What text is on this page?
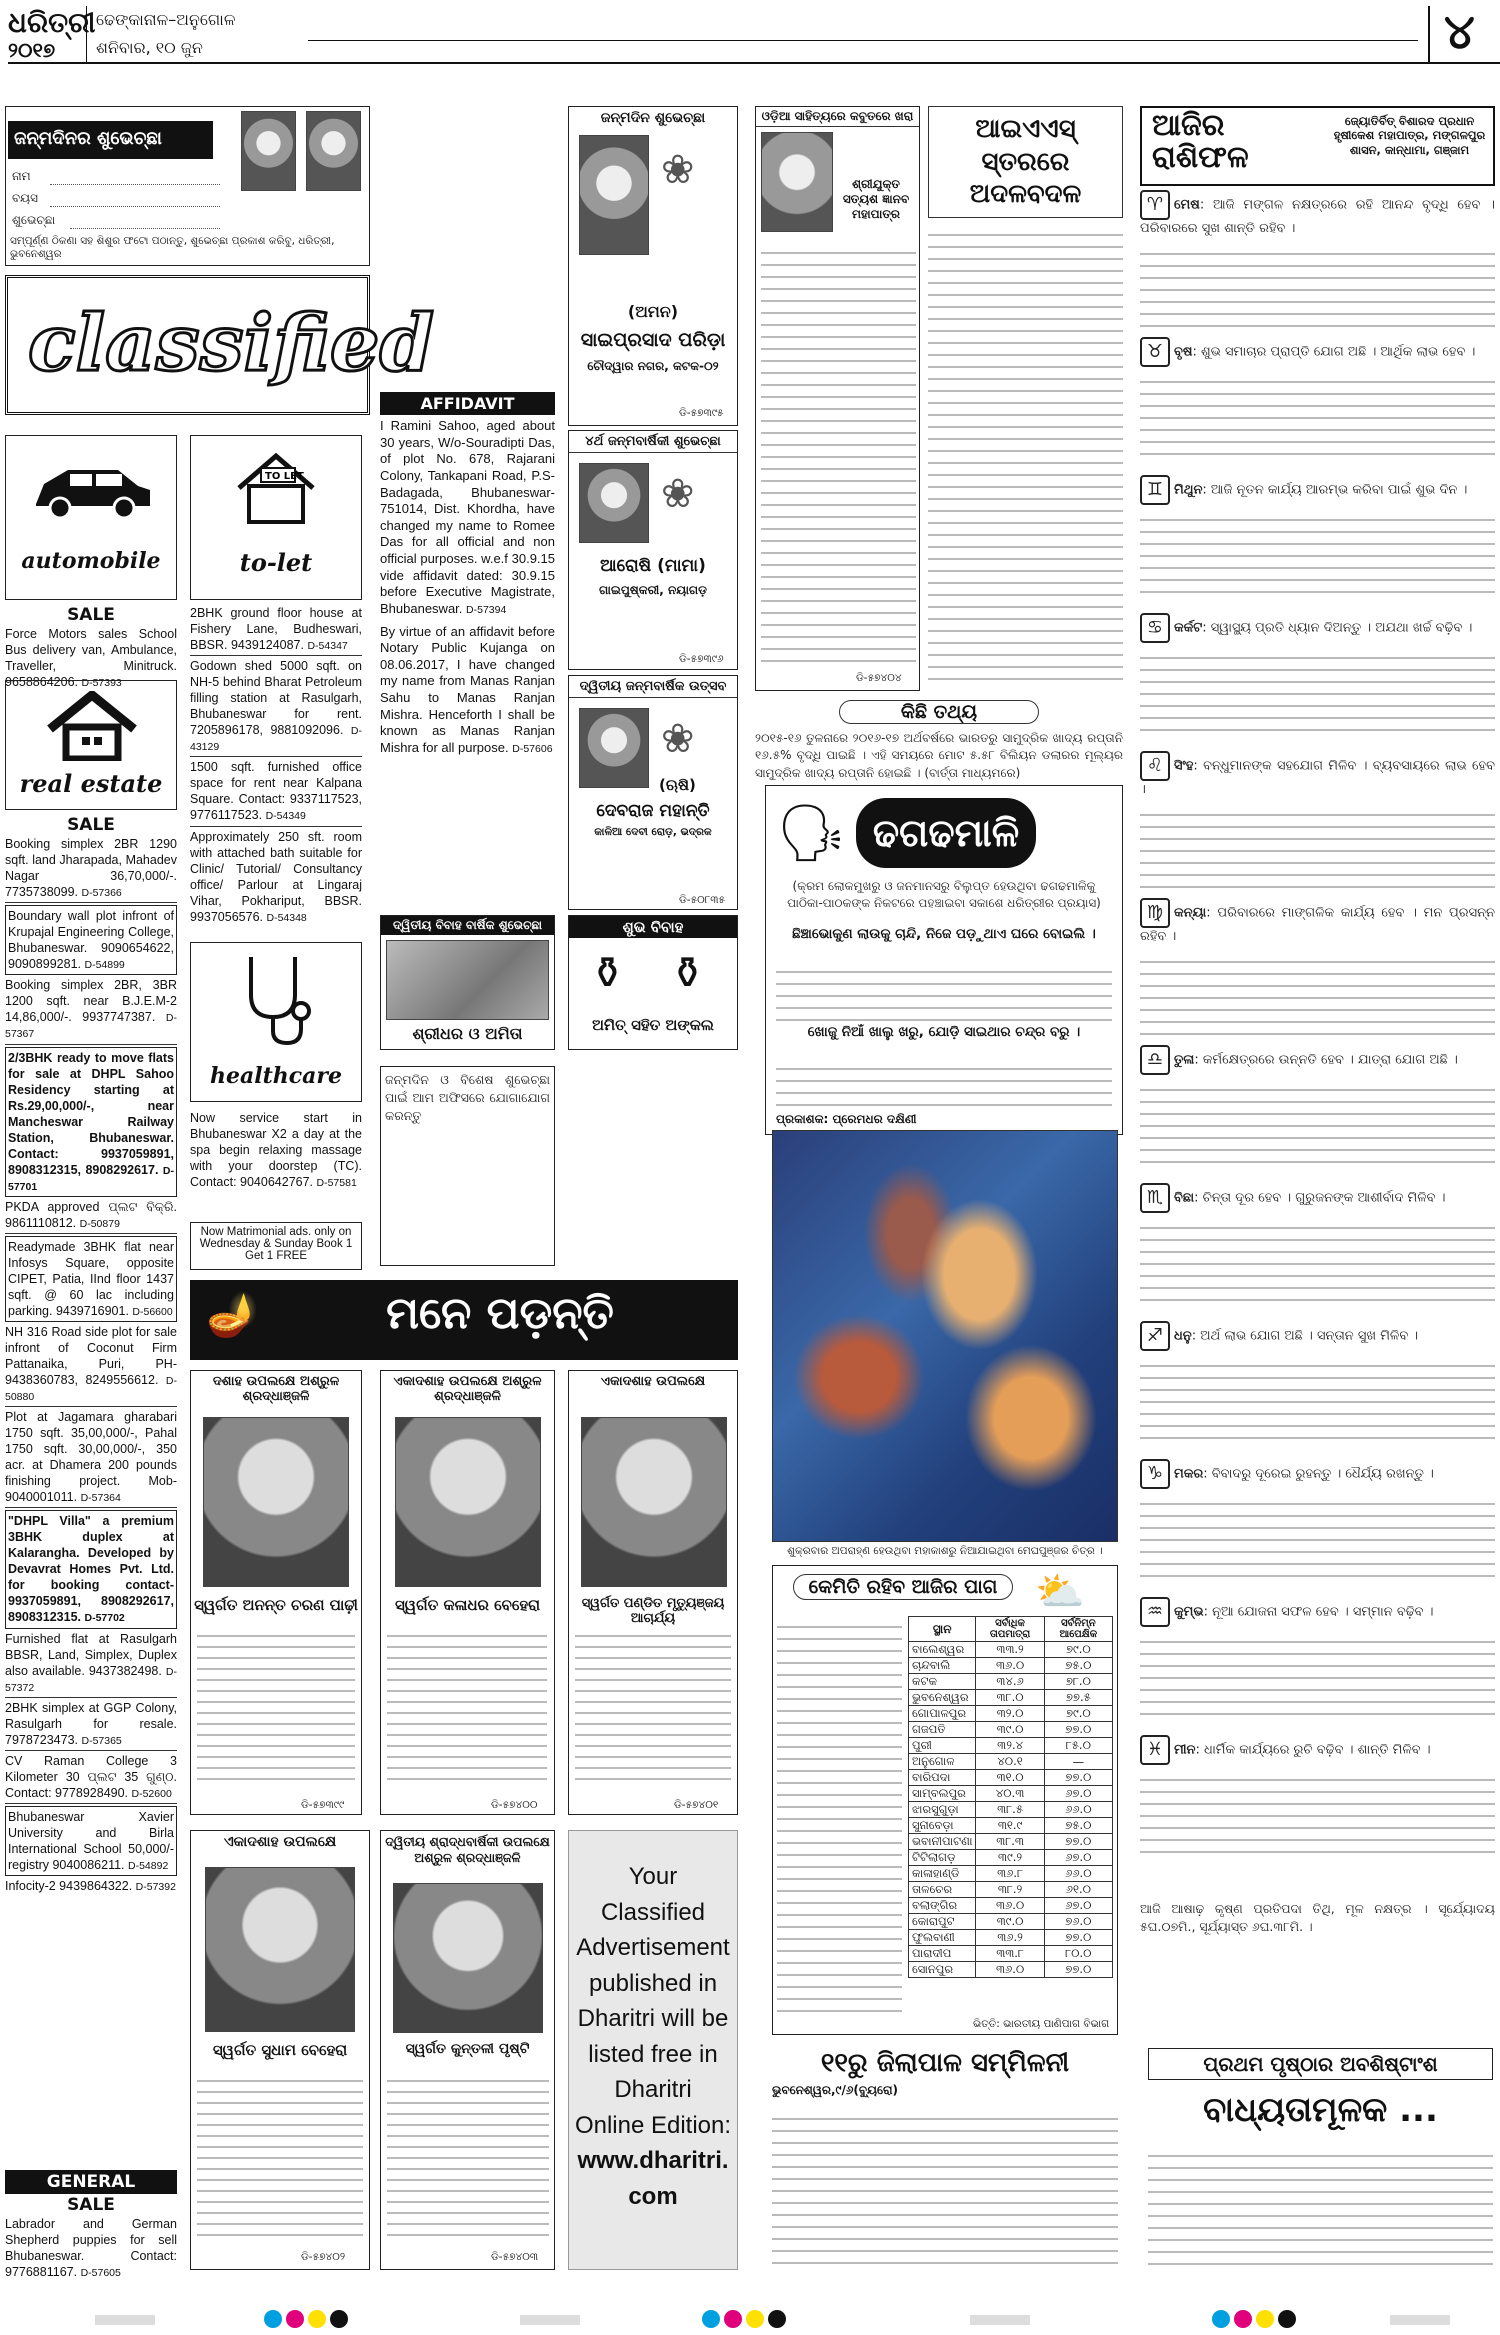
ଧରିତ୍ରୀ
୨୦୧୭
ଢେଙ୍କାନାଳ–ଅନୁଗୋଳ
ଶନିବାର, ୧୦ ଜୁନ	୪
ଜନ୍ମଦିନର ଶୁଭେଚ୍ଛା
ନାମ
ବୟସ
ଶୁଭେଚ୍ଛା
ସମ୍ପୂର୍ଣ୍ଣ ଠିକଣା ସହ ଶିଶୁର ଫଟୋ ପଠାନ୍ତୁ, ଶୁଭେଚ୍ଛା ପ୍ରକାଶ କରିବୁ, ଧରିତ୍ରୀ, ଭୁବନେଶ୍ୱର
classified
automobile
SALE
Force Motors sales School Bus delivery van, Ambulance, Traveller, Minitruck. 9658864206. D-57393
real estate
SALE
Booking simplex 2BR 1290 sqft. land Jharapada, Mahadev Nagar 36,70,000/-. 7735738099. D-57366
Boundary wall plot infront of Krupajal Engineering College, Bhubaneswar. 9090654622, 9090899281. D-54899
Booking simplex 2BR, 3BR 1200 sqft. near B.J.E.M-2 14,86,000/-. 9937747387. D-57367
2/3BHK ready to move flats for sale at DHPL Sahoo Residency starting at Rs.29,00,000/-, near Mancheswar Railway Station, Bhubaneswar. Contact: 9937059891, 8908312315, 8908292617. D-57701
PKDA approved ପ୍ଲଟ ବିକ୍ରି. 9861110812. D-50879
Readymade 3BHK flat near Infosys Square, opposite CIPET, Patia, IInd floor 1437 sqft. @ 60 lac including parking. 9439716901. D-56600
NH 316 Road side plot for sale infront of Coconut Firm Pattanaika, Puri, PH- 9438360783, 8249556612. D-50880
Plot at Jagamara gharabari 1750 sqft. 35,00,000/-, Pahal 1750 sqft. 30,00,000/-, 350 acr. at Dhamera 200 pounds finishing project. Mob-9040001011. D-57364
"DHPL Villa" a premium 3BHK duplex at Kalarangha. Developed by Devavrat Homes Pvt. Ltd. for booking contact- 9937059891, 8908292617, 8908312315. D-57702
Furnished flat at Rasulgarh BBSR, Land, Simplex, Duplex also available. 9437382498. D-57372
2BHK simplex at GGP Colony, Rasulgarh for resale. 7978723473. D-57365
CV Raman College 3 Kilometer 30 ପ୍ଲଟ 35 ଗୁଣ୍ଠ. Contact: 9778928490. D-52600
Bhubaneswar Xavier University and Birla International School 50,000/- registry 9040086211. D-54892
Infocity-2 9439864322. D-57392
GENERAL
SALE
Labrador and German Shepherd puppies for sell Bhubaneswar. Contact: 9776881167. D-57605
TO LET
to-let
2BHK ground floor house at Fishery Lane, Budheswari, BBSR. 9439124087. D-54347
Godown shed 5000 sqft. on NH-5 behind Bharat Petroleum filling station at Rasulgarh, Bhubaneswar for rent. 7205896178, 9881092096. D-43129
1500 sqft. furnished office space for rent near Kalpana Square. Contact: 9337117523, 9776117523. D-54349
Approximately 250 sft. room with attached bath suitable for Clinic/ Tutorial/ Consultancy office/ Parlour at Lingaraj Vihar, Pokhariput, BBSR. 9937056576. D-54348
healthcare
Now service start in Bhubaneswar X2 a day at the spa begin relaxing massage with your doorstep (TC). Contact: 9040642767. D-57581
Now Matrimonial ads. only on Wednesday & Sunday Book 1 Get 1 FREE
AFFIDAVIT
I Ramini Sahoo, aged about 30 years, W/o-Souradipti Das, of plot No. 678, Rajarani Colony, Tankapani Road, P.S-Badagada, Bhubaneswar-751014, Dist. Khordha, have changed my name to Romee Das for all official and non official purposes. w.e.f 30.9.15 vide affidavit dated: 30.9.15 before Executive Magistrate, Bhubaneswar. D-57394
By virtue of an affidavit before Notary Public Kujanga on 08.06.2017, I have changed my name from Manas Ranjan Sahu to Manas Ranjan Mishra. Henceforth I shall be known as Manas Ranjan Mishra for all purpose. D-57606
ଜନ୍ମଦିନ ଓ ବିଶେଷ ଶୁଭେଚ୍ଛା ପାଇଁ ଆମ ଅଫିସରେ ଯୋଗାଯୋଗ କରନ୍ତୁ
ଜନ୍ମଦିନ ଶୁଭେଚ୍ଛା
❀
(ଅମନ)
ସାଇପ୍ରସାଦ ପରିଡ଼ା
ଚୌଦ୍ୱାର ନଗର, କଟକ-୦୨
ଡି-୫୭୩୯୫
୪ର୍ଥ ଜନ୍ମବାର୍ଷିକୀ ଶୁଭେଚ୍ଛା
❀
ଆରୋଷି (ମାମା)
ଗାଇପୁଷ୍କରୀ, ନୟାଗଡ଼
ଡି-୫୭୩୯୬
ଦ୍ୱିତୀୟ ଜନ୍ମବାର୍ଷିକ ଉତ୍ସବ
❀
(ଋଷି)
ଦେବରାଜ ମହାନ୍ତି
କାଳିଆ ଦେବୀ ରୋଡ଼, ଭଦ୍ରକ
ଡି-୫୦୮୩୫
ଦ୍ୱିତୀୟ ବିବାହ ବାର୍ଷିକ ଶୁଭେଚ୍ଛା
ଶ୍ରୀଧର ଓ ଅମିତା
ଶୁଭ ବିବାହ
⚱ ⚱
ଅମିତ୍ ସହିତ ଅଙ୍କଲ
🪔	ମନେ ପଡ଼ନ୍ତି
ଦଶାହ ଉପଲକ୍ଷେ ଅଶ୍ରୁଳ ଶ୍ରଦ୍ଧାଞ୍ଜଳି
ସ୍ୱର୍ଗତ ଅନନ୍ତ ଚରଣ ପାଢ଼ୀ
ଡି-୫୭୩୯୯
ଏକାଦଶାହ ଉପଲକ୍ଷେ ଅଶ୍ରୁଳ ଶ୍ରଦ୍ଧାଞ୍ଜଳି
ସ୍ୱର୍ଗତ କଳାଧର ବେହେରା
ଡି-୫୭୪୦୦
ଏକାଦଶାହ ଉପଲକ୍ଷେ
ସ୍ୱର୍ଗତ ପଣ୍ଡିତ ମୃତ୍ୟୁଞ୍ଜୟ ଆଚାର୍ଯ୍ୟ
ଡି-୫୭୪୦୧
ଏକାଦଶାହ ଉପଲକ୍ଷେ
ସ୍ୱର୍ଗତ ସୁଧାମ ବେହେରା
ଡି-୫୭୪୦୨
ଦ୍ୱିତୀୟ ଶ୍ରାଦ୍ଧବାର୍ଷିକୀ ଉପଲକ୍ଷେ ଅଶ୍ରୁଳ ଶ୍ରଦ୍ଧାଞ୍ଜଳି
ସ୍ୱର୍ଗତ କୁନ୍ତଳୀ ପୃଷ୍ଟି
ଡି-୫୭୪୦୩
Your
Classified
Advertisement
published in
Dharitri will be
listed free in
Dharitri
Online Edition:
www.dharitri.
com
ଓଡ଼ିଆ ସାହିତ୍ୟରେ କବୁତରେ ଖରା
ଶ୍ରୀଯୁକ୍ତ ସତ୍ୟଶ ଜ୍ଞାନବ ମହାପାତ୍ର
ଡି-୫୭୪୦୪
ଆଇଏଏସ୍ ସ୍ତରରେ ଅଦଳବଦଳ
କିଛି ତଥ୍ୟ
୨୦୧୫-୧୬ ତୁଳନାରେ ୨୦୧୬-୧୭ ଅର୍ଥବର୍ଷରେ ଭାରତରୁ ସାମୁଦ୍ରିକ ଖାଦ୍ୟ ରପ୍ତାନି ୧୬.୫% ବୃଦ୍ଧି ପାଇଛି । ଏହି ସମୟରେ ମୋଟ ୫.୫୮ ବିଲିୟନ ଡଲାରର ମୂଲ୍ୟର ସାମୁଦ୍ରିକ ଖାଦ୍ୟ ରପ୍ତାନି ହୋଇଛି । (ବାର୍ତ୍ତା ମାଧ୍ୟମରେ)
🗣 ଢଗଢମାଳି
(କ୍ରମ ଲୋକମୁଖରୁ ଓ ଜନମାନସରୁ ବିଲୁପ୍ତ ହେଉଥିବା ଢଗଢମାଳିକୁ ପାଠିକା-ପାଠକଙ୍କ ନିକଟରେ ପହଞ୍ଚାଇବା ସକାଶେ ଧରିତ୍ରୀର ପ୍ରୟାସ)
ଛିଞ୍ଚାଭୋକୁଣ ଲାଉକୁ ଚାନ୍ଦି, ନିଜେ ପଡ଼ୁଥାଏ ଘରେ ବୋଇଲି ।
ଖୋଜୁ ନିଆଁ ଖାଲୁ ଖରୁ, ଯୋଡ଼ି ସାଇଥାର ଚନ୍ଦ୍ର ବରୁ ।
ପ୍ରକାଶକ: ପ୍ରେମଧର ଦକ୍ଷିଣୀ
ଶୁକ୍ରବାର ଅପରାହ୍ଣ ହେଉଥିବା ମହାକାଶରୁ ନିଆଯାଇଥିବା ମେଘପୁଞ୍ଜର ଚିତ୍ର ।
କେମିତି ରହିବ ଆଜିର ପାଗ ⛅
ସ୍ଥାନ	ସର୍ବାଧିକ ତାପମାତ୍ରା	ସର୍ବନିମ୍ନ ଆପେକ୍ଷିକ
ବାଲେଶ୍ୱର	୩୩.୨	୭୯.୦
ଚାନ୍ଦବାଲି	୩୬.୦	୭୫.୦
କଟକ	୩୪.୬	୭୮.୦
ଭୁବନେଶ୍ୱର	୩୮.୦	୭୭.୫
ଗୋପାଳପୁର	୩୨.୦	୭୯.୦
ଗଜପତି	୩୯.୦	୭୭.୦
ପୁରୀ	୩୨.୪	୮୫.୦
ଅନୁଗୋଳ	୪୦.୧	—
ବାରିପଦା	୩୧.୦	୭୭.୦
ସାମ୍ବଲପୁର	୪୦.୩	୬୭.୦
ଝାରସୁଗୁଡ଼ା	୩୮.୫	୬୬.୦
ସୁନାବେଡ଼ା	୩୧.୯	୭୫.୦
ଭବାନୀପାଟଣା	୩୮.୩	୭୭.୦
ଟିଟିଲାଗଡ଼	୩୯.୨	୬୭.୦
କାଳାହାଣ୍ଡି	୩୬.୮	୬୬.୦
ତାଳଚେର	୩୮.୨	୬୧.୦
ବଲାଙ୍ଗିର	୩୬.୦	୬୭.୦
କୋରାପୁଟ	୩୯.୦	୭୬.୦
ଫୁଲବାଣୀ	୩୬.୨	୭୭.୦
ପାରାଦୀପ	୩୩.୮	୮୦.୦
ସୋନପୁର	୩୬.୦	୭୭.୦
ଭିତ୍ତି: ଭାରତୀୟ ପାଣିପାଗ ବିଭାଗ
୧୧ରୁ ଜିଲାପାଳ ସମ୍ମିଳନୀ
ଭୁବନେଶ୍ୱର,୯/୬(ବ୍ୟୁରୋ)
ଆଜିର ରାଶିଫଳ
ଜ୍ୟୋତିର୍ବିତ୍ ବିଶାରଦ ପ୍ରଧାନ ହୃଷୀକେଶ ମହାପାତ୍ର, ମଙ୍ଗଳପୁର ଶାସନ, କାନ୍ଧାମା, ଗଞ୍ଜାମ
♈ ମେଷ: ଆଜି ମଙ୍ଗଳ ନକ୍ଷତ୍ରରେ ରହି ଆନନ୍ଦ ବୃଦ୍ଧି ହେବ । ପରିବାରରେ ସୁଖ ଶାନ୍ତି ରହିବ ।
♉ ବୃଷ: ଶୁଭ ସମାଚାର ପ୍ରାପ୍ତି ଯୋଗ ଅଛି । ଆର୍ଥିକ ଲାଭ ହେବ ।
♊ ମିଥୁନ: ଆଜି ନୂତନ କାର୍ଯ୍ୟ ଆରମ୍ଭ କରିବା ପାଇଁ ଶୁଭ ଦିନ ।
♋ କର୍କଟ: ସ୍ୱାସ୍ଥ୍ୟ ପ୍ରତି ଧ୍ୟାନ ଦିଅନ୍ତୁ । ଅଯଥା ଖର୍ଚ୍ଚ ବଢ଼ିବ ।
♌ ସିଂହ: ବନ୍ଧୁମାନଙ୍କ ସହଯୋଗ ମିଳିବ । ବ୍ୟବସାୟରେ ଲାଭ ହେବ ।
♍ କନ୍ୟା: ପରିବାରରେ ମାଙ୍ଗଳିକ କାର୍ଯ୍ୟ ହେବ । ମନ ପ୍ରସନ୍ନ ରହିବ ।
♎ ତୁଳା: କର୍ମକ୍ଷେତ୍ରରେ ଉନ୍ନତି ହେବ । ଯାତ୍ରା ଯୋଗ ଅଛି ।
♏ ବିଛା: ଚିନ୍ତା ଦୂର ହେବ । ଗୁରୁଜନଙ୍କ ଆଶୀର୍ବାଦ ମିଳିବ ।
♐ ଧନୁ: ଅର୍ଥ ଲାଭ ଯୋଗ ଅଛି । ସନ୍ତାନ ସୁଖ ମିଳିବ ।
♑ ମକର: ବିବାଦରୁ ଦୂରେଇ ରୁହନ୍ତୁ । ଧୈର୍ଯ୍ୟ ରଖନ୍ତୁ ।
♒ କୁମ୍ଭ: ନୂଆ ଯୋଜନା ସଫଳ ହେବ । ସମ୍ମାନ ବଢ଼ିବ ।
♓ ମୀନ: ଧାର୍ମିକ କାର୍ଯ୍ୟରେ ରୁଚି ବଢ଼ିବ । ଶାନ୍ତି ମିଳିବ ।
ଆଜି ଆଷାଢ଼ କୃଷ୍ଣ ପ୍ରତିପଦା ତିଥି, ମୂଳ ନକ୍ଷତ୍ର । ସୂର୍ଯ୍ୟୋଦୟ ୫ଘ.୦୭ମି., ସୂର୍ଯ୍ୟାସ୍ତ ୬ଘ.୩୮ମି. ।
ପ୍ରଥମ ପୃଷ୍ଠାର ଅବଶିଷ୍ଟାଂଶ
ବାଧ୍ୟତାମୂଳକ ...
